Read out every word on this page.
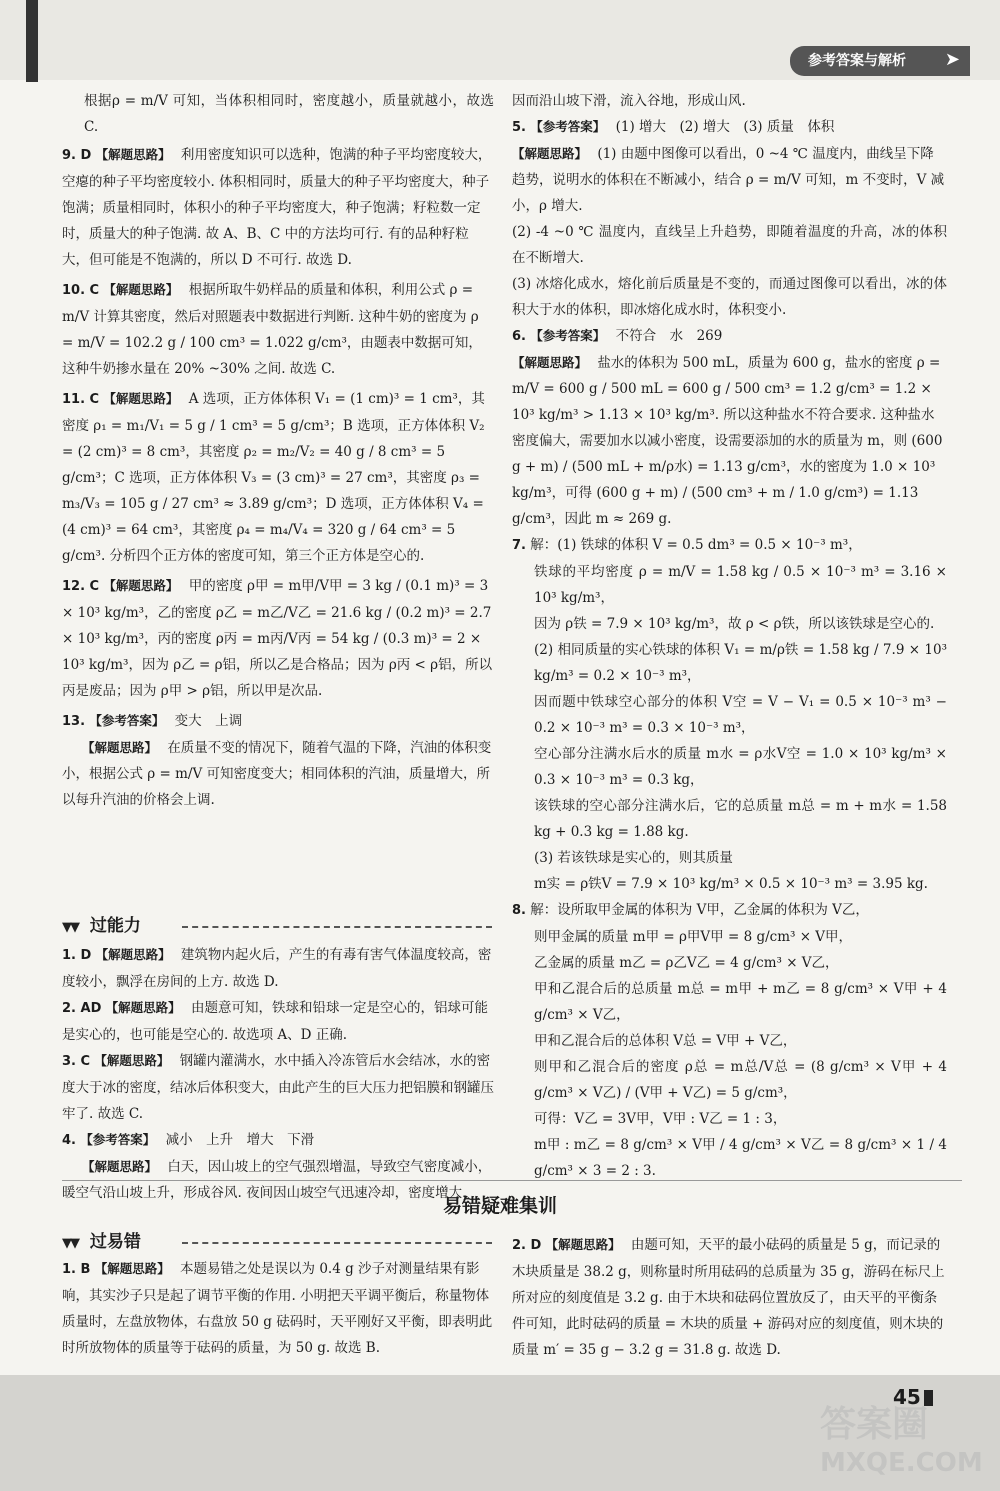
参考答案与解析 ➤

根据ρ = m/V 可知，当体积相同时，密度越小，质量就越小，故选 C.

9. D 【解题思路】 利用密度知识可以选种，饱满的种子平均密度较大，空瘪的种子平均密度较小. 体积相同时，质量大的种子平均密度大，种子饱满；质量相同时，体积小的种子平均密度大，种子饱满；籽粒数一定时，质量大的种子饱满. 故 A、B、C 中的方法均可行. 有的品种籽粒大，但可能是不饱满的，所以 D 不可行. 故选 D.

10. C 【解题思路】 根据所取牛奶样品的质量和体积，利用公式 ρ = m/V 计算其密度，然后对照题表中数据进行判断. 这种牛奶的密度为 ρ = m/V = 102.2 g / 100 cm³ = 1.022 g/cm³，由题表中数据可知，这种牛奶掺水量在 20% ~30% 之间. 故选 C.

11. C 【解题思路】 A 选项，正方体体积 V₁ = (1 cm)³ = 1 cm³，其密度 ρ₁ = m₁/V₁ = 5 g / 1 cm³ = 5 g/cm³；B 选项，正方体体积 V₂ = (2 cm)³ = 8 cm³，其密度 ρ₂ = m₂/V₂ = 40 g / 8 cm³ = 5 g/cm³；C 选项，正方体体积 V₃ = (3 cm)³ = 27 cm³，其密度 ρ₃ = m₃/V₃ = 105 g / 27 cm³ ≈ 3.89 g/cm³；D 选项，正方体体积 V₄ = (4 cm)³ = 64 cm³，其密度 ρ₄ = m₄/V₄ = 320 g / 64 cm³ = 5 g/cm³. 分析四个正方体的密度可知，第三个正方体是空心的.

12. C 【解题思路】 甲的密度 ρ甲 = m甲/V甲 = 3 kg / (0.1 m)³ = 3 × 10³ kg/m³，乙的密度 ρ乙 = m乙/V乙 = 21.6 kg / (0.2 m)³ = 2.7 × 10³ kg/m³，丙的密度 ρ丙 = m丙/V丙 = 54 kg / (0.3 m)³ = 2 × 10³ kg/m³，因为 ρ乙 = ρ铝，所以乙是合格品；因为 ρ丙 < ρ铝，所以丙是废品；因为 ρ甲 > ρ铝，所以甲是次品.

13. 【参考答案】 变大　上调
【解题思路】 在质量不变的情况下，随着气温的下降，汽油的体积变小，根据公式 ρ = m/V 可知密度变大；相同体积的汽油，质量增大，所以每升汽油的价格会上调.

▼▼ 过能力

1. D 【解题思路】 建筑物内起火后，产生的有毒有害气体温度较高，密度较小，飘浮在房间的上方. 故选 D.

2. AD 【解题思路】 由题意可知，铁球和铅球一定是空心的，铝球可能是实心的，也可能是空心的. 故选项 A、D 正确.

3. C 【解题思路】 钢罐内灌满水，水中插入冷冻管后水会结冰，水的密度大于冰的密度，结冰后体积变大，由此产生的巨大压力把铝膜和钢罐压牢了. 故选 C.

4. 【参考答案】 减小　上升　增大　下滑
【解题思路】 白天，因山坡上的空气强烈增温，导致空气密度减小，暖空气沿山坡上升，形成谷风. 夜间因山坡空气迅速冷却，密度增大，

因而沿山坡下滑，流入谷地，形成山风.

5. 【参考答案】 (1) 增大　(2) 增大　(3) 质量　体积
【解题思路】 (1) 由题中图像可以看出，0 ~4 ℃ 温度内，曲线呈下降趋势，说明水的体积在不断减小，结合 ρ = m/V 可知，m 不变时，V 减小，ρ 增大.

(2) -4 ~0 ℃ 温度内，直线呈上升趋势，即随着温度的升高，冰的体积在不断增大.

(3) 冰熔化成水，熔化前后质量是不变的，而通过图像可以看出，冰的体积大于水的体积，即冰熔化成水时，体积变小.

6. 【参考答案】 不符合　水　269
【解题思路】 盐水的体积为 500 mL，质量为 600 g，盐水的密度 ρ = m/V = 600 g / 500 mL = 600 g / 500 cm³ = 1.2 g/cm³ = 1.2 × 10³ kg/m³ > 1.13 × 10³ kg/m³. 所以这种盐水不符合要求. 这种盐水密度偏大，需要加水以减小密度，设需要添加的水的质量为 m，则 (600 g + m) / (500 mL + m/ρ水) = 1.13 g/cm³，水的密度为 1.0 × 10³ kg/m³，可得 (600 g + m) / (500 cm³ + m / 1.0 g/cm³) = 1.13 g/cm³，因此 m ≈ 269 g.

7. 解：(1) 铁球的体积 V = 0.5 dm³ = 0.5 × 10⁻³ m³，

铁球的平均密度 ρ = m/V = 1.58 kg / 0.5 × 10⁻³ m³ = 3.16 × 10³ kg/m³，

因为 ρ铁 = 7.9 × 10³ kg/m³，故 ρ < ρ铁，所以该铁球是空心的.

(2) 相同质量的实心铁球的体积 V₁ = m/ρ铁 = 1.58 kg / 7.9 × 10³ kg/m³ = 0.2 × 10⁻³ m³，

因而题中铁球空心部分的体积 V空 = V − V₁ = 0.5 × 10⁻³ m³ − 0.2 × 10⁻³ m³ = 0.3 × 10⁻³ m³，

空心部分注满水后水的质量 m水 = ρ水V空 = 1.0 × 10³ kg/m³ × 0.3 × 10⁻³ m³ = 0.3 kg，

该铁球的空心部分注满水后，它的总质量 m总 = m + m水 = 1.58 kg + 0.3 kg = 1.88 kg.

(3) 若该铁球是实心的，则其质量

m实 = ρ铁V = 7.9 × 10³ kg/m³ × 0.5 × 10⁻³ m³ = 3.95 kg.

8. 解：设所取甲金属的体积为 V甲，乙金属的体积为 V乙，

则甲金属的质量 m甲 = ρ甲V甲 = 8 g/cm³ × V甲，

乙金属的质量 m乙 = ρ乙V乙 = 4 g/cm³ × V乙，

甲和乙混合后的总质量 m总 = m甲 + m乙 = 8 g/cm³ × V甲 + 4 g/cm³ × V乙，

甲和乙混合后的总体积 V总 = V甲 + V乙，

则甲和乙混合后的密度 ρ总 = m总/V总 = (8 g/cm³ × V甲 + 4 g/cm³ × V乙) / (V甲 + V乙) = 5 g/cm³，

可得：V乙 = 3V甲，V甲 : V乙 = 1 : 3，

m甲 : m乙 = 8 g/cm³ × V甲 / 4 g/cm³ × V乙 = 8 g/cm³ × 1 / 4 g/cm³ × 3 = 2 : 3.

易错疑难集训
▼▼ 过易错

1. B 【解题思路】 本题易错之处是误以为 0.4 g 沙子对测量结果有影响，其实沙子只是起了调节平衡的作用. 小明把天平调平衡后，称量物体质量时，左盘放物体，右盘放 50 g 砝码时，天平刚好又平衡，即表明此时所放物体的质量等于砝码的质量，为 50 g. 故选 B.

2. D 【解题思路】 由题可知，天平的最小砝码的质量是 5 g，而记录的木块质量是 38.2 g，则称量时所用砝码的总质量为 35 g，游码在标尺上所对应的刻度值是 3.2 g. 由于木块和砝码位置放反了，由天平的平衡条件可知，此时砝码的质量 = 木块的质量 + 游码对应的刻度值，则木块的质量 m′ = 35 g − 3.2 g = 31.8 g. 故选 D.

45
答案圈
MXQE.COM
